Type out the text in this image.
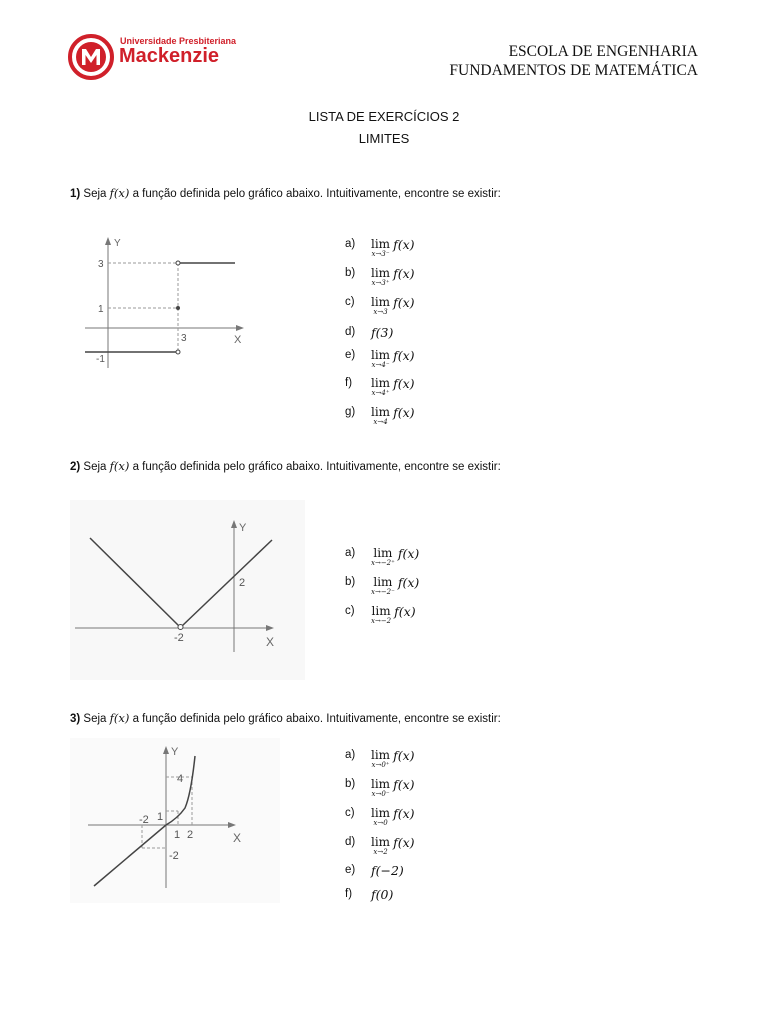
Universidade Presbiteriana
Mackenzie	ESCOLA DE ENGENHARIA
FUNDAMENTOS DE MATEMÁTICA
LISTA DE EXERCÍCIOS 2
LIMITES
1) Seja f(x) a função definida pelo gráfico abaixo. Intuitivamente, encontre se existir:
Y
X
3
1
-1
3
a) lim
x→3⁻
f(x)
b) lim
x→3⁺
f(x)
c) lim
x→3
f(x)
d) f(3)
e) lim
x→4⁻
f(x)
f) lim
x→4⁺
f(x)
g) lim
x→4
f(x)
2) Seja f(x) a função definida pelo gráfico abaixo. Intuitivamente, encontre se existir:
Y
X
-2
2
a) lim
x→−2⁺
f(x)
b) lim
x→−2⁻
f(x)
c) lim
x→−2
f(x)
3) Seja f(x) a função definida pelo gráfico abaixo. Intuitivamente, encontre se existir:
Y
X
4
1
-2
-2
1 2
a) lim
x→0⁺
f(x)
b) lim
x→0⁻
f(x)
c) lim
x→0
f(x)
d) lim
x→2
f(x)
e) f(−2)
f) f(0)
